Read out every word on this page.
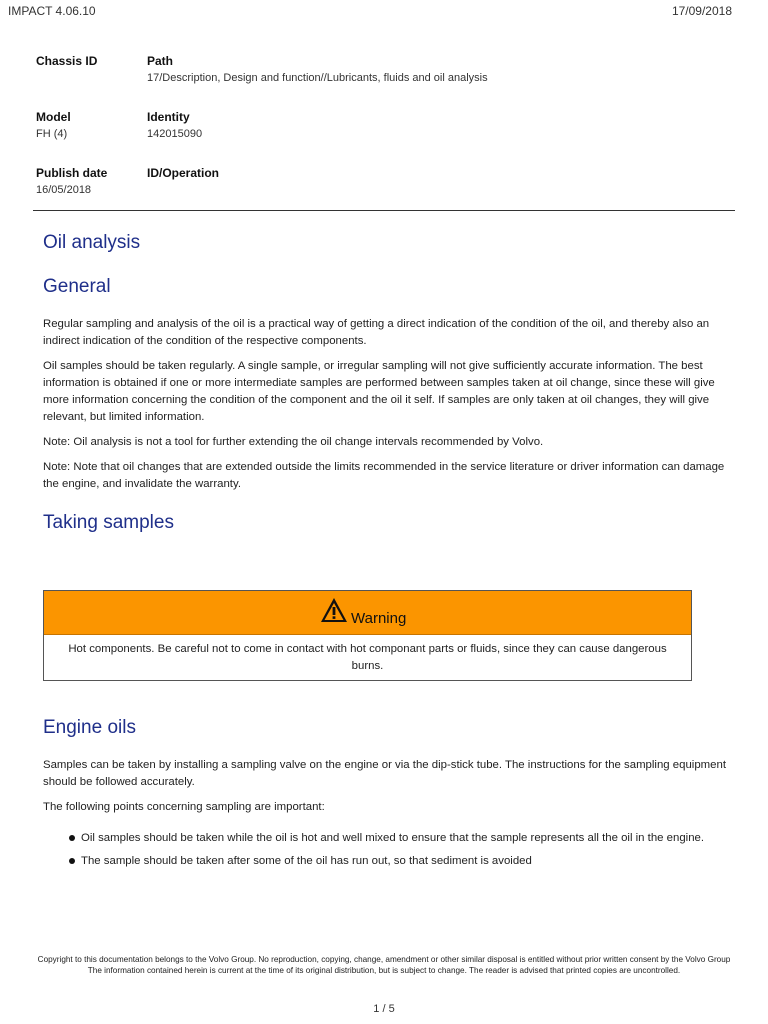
IMPACT 4.06.10	17/09/2018
Chassis ID	Path
17/Description, Design and function//Lubricants, fluids and oil analysis
Model
FH (4)
Identity
142015090
Publish date
16/05/2018
ID/Operation
Oil analysis
General

Regular sampling and analysis of the oil is a practical way of getting a direct indication of the condition of the oil, and thereby also an indirect indication of the condition of the respective components.

Oil samples should be taken regularly. A single sample, or irregular sampling will not give sufficiently accurate information. The best information is obtained if one or more intermediate samples are performed between samples taken at oil change, since these will give more information concerning the condition of the component and the oil it self. If samples are only taken at oil changes, they will give relevant, but limited information.

Note: Oil analysis is not a tool for further extending the oil change intervals recommended by Volvo.

Note: Note that oil changes that are extended outside the limits recommended in the service literature or driver information can damage the engine, and invalidate the warranty.

Taking samples
Warning
Hot components. Be careful not to come in contact with hot componant parts or fluids, since they can cause dangerous burns.
Engine oils

Samples can be taken by installing a sampling valve on the engine or via the dip-stick tube. The instructions for the sampling equipment should be followed accurately.

The following points concerning sampling are important:

Oil samples should be taken while the oil is hot and well mixed to ensure that the sample represents all the oil in the engine.
The sample should be taken after some of the oil has run out, so that sediment is avoided
Copyright to this documentation belongs to the Volvo Group. No reproduction, copying, change, amendment or other similar disposal is entitled without prior written consent by the Volvo Group
The information contained herein is current at the time of its original distribution, but is subject to change. The reader is advised that printed copies are uncontrolled.
1 / 5
